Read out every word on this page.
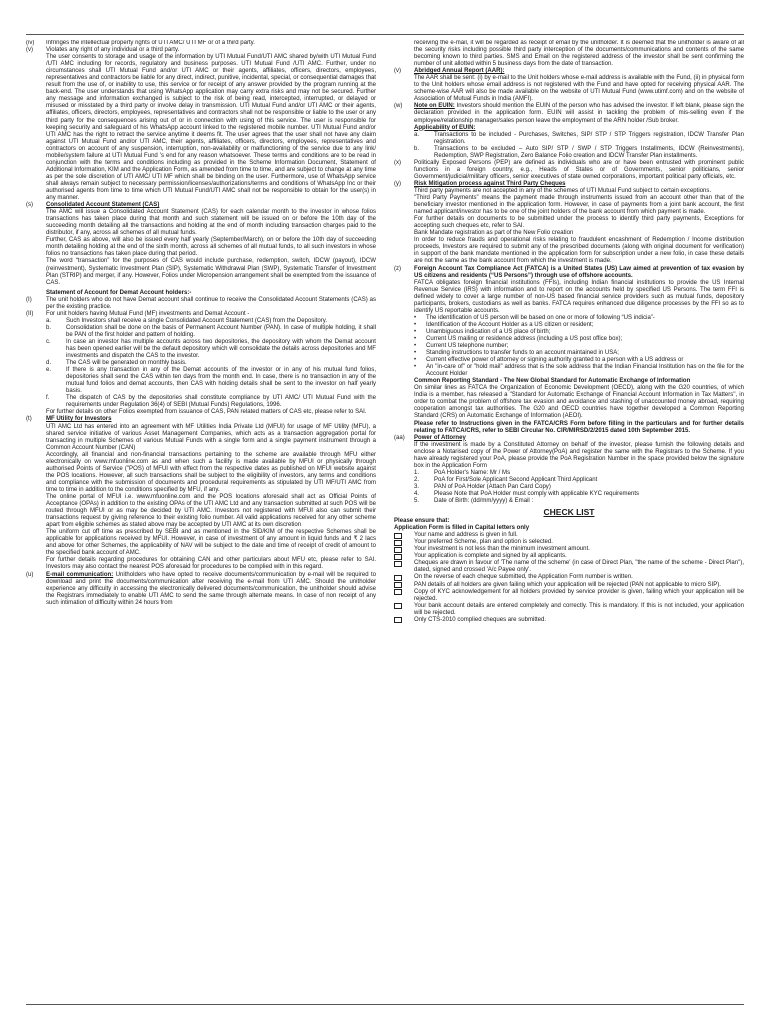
(iv)	Infringes the intellectual property rights of UTI AMC/ UTI MF or of a third party.
(v)	Violates any right of any individual or a third party.

The user consents to storage and usage of the information by UTI Mutual Fund/UTI AMC shared by/with UTI Mutual Fund /UTI AMC including for records, regulatory and business purposes. UTI Mutual Fund /UTI AMC. Further, under no circumstances shall UTI Mutual Fund and/or UTI AMC or their agents, affiliates, officers, directors, employees, representatives and contractors be liable for any direct, indirect, punitive, incidental, special, or consequential damages that result from the use of, or inability to use, this service or for receipt of any answer provided by the program running at the back-end. The user understands that using WhatsApp application may carry extra risks and may not be secured. Further any message and information exchanged is subject to the risk of being read, intercepted, interrupted, or delayed or misused or misstated by a third party or involve delay in transmission. UTI Mutual Fund and/or UTI AMC or their agents, affiliates, officers, directors, employees, representatives and contractors shall not be responsible or liable to the user or any third party for the consequences arising out of or in connection with using of this service. The user is responsible for keeping security and safeguard of his WhatsApp account linked to the registered mobile number. UTI Mutual Fund and/or UTI AMC has the right to retract the service anytime it deems fit. The user agrees that the user shall not have any claim against UTI Mutual Fund and/or UTI AMC, their agents, affiliates, officers, directors, employees, representatives and contractors on account of any suspension, interruption, non-availability or malfunctioning of the service due to any link/ mobile/system failure at UTI Mutual Fund 's end for any reason whatsoever. These terms and conditions are to be read in conjunction with the terms and conditions including as provided in the Scheme Information Document, Statement of Additional Information, KIM and the Application Form, as amended from time to time, and are subject to change at any time as per the sole discretion of UTI AMC/ UTI MF which shall be binding on the user. Furthermore, use of WhatsApp service shall always remain subject to necessary permission/licenses/authorizations/terms and conditions of WhatsApp Inc or their authorised agents from time to time which UTI Mutual Fund/UTI AMC shall not be responsible to obtain for the user(s) in any manner.

(s)	Consolidated Account Statement (CAS)

The AMC will issue a Consolidated Account Statement (CAS) for each calendar month to the investor in whose folios transactions has taken place during that month and such statement will be issued on or before the 10th day of the succeeding month detailing all the transactions and holding at the end of month including transaction charges paid to the distributor, if any, across all schemes of all mutual funds.

Further, CAS as above, will also be issued every half yearly (September/March), on or before the 10th day of succeeding month detailing holding at the end of the sixth month, across all schemes of all mutual funds, to all such investors in whose folios no transactions has taken place during that period.

The word “transaction” for the purposes of CAS would include purchase, redemption, switch, IDCW (payout), IDCW (reinvestment), Systematic Investment Plan (SIP), Systematic Withdrawal Plan (SWP), Systematic Transfer of Investment Plan (STRIP) and merger, if any. However, Folios under Micropension arrangement shall be exempted from the issuance of CAS.

Statement of Account for Demat Account holders:-
(I)	The unit holders who do not have Demat account shall continue to receive the Consolidated Account Statements (CAS) as per the existing practice.
(II)	For unit holders having Mutual Fund (MF) investments and Demat Account -
a.	Such Investors shall receive a single Consolidated Account Statement (CAS) from the Depository.
b.	Consolidation shall be done on the basis of Permanent Account Number (PAN). In case of multiple holding, it shall be PAN of the first holder and pattern of holding.
c.	In case an investor has multiple accounts across two depositories, the depository with whom the Demat account has been opened earlier will be the default depository which will consolidate the details across depositories and MF investments and dispatch the CAS to the investor.
d.	The CAS will be generated on monthly basis.
e.	If there is any transaction in any of the Demat accounts of the investor or in any of his mutual fund folios, depositories shall send the CAS within ten days from the month end. In case, there is no transaction in any of the mutual fund folios and demat accounts, then CAS with holding details shall be sent to the investor on half yearly basis.
f.	The dispatch of CAS by the depositories shall constitute compliance by UTI AMC/ UTI Mutual Fund with the requirements under Regulation 36(4) of SEBI (Mutual Funds) Regulations, 1996.

For further details on other Folios exempted from issuance of CAS, PAN related matters of CAS etc, please refer to SAI.

(t)	MF Utility for Investors

UTI AMC Ltd has entered into an agreement with MF Utilities India Private Ltd (MFUI) for usage of MF Utility (MFU), a shared service initiative of various Asset Management Companies, which acts as a transaction aggregation portal for transacting in multiple Schemes of various Mutual Funds with a single form and a single payment instrument through a Common Account Number (CAN)

Accordingly, all financial and non-financial transactions pertaining to the scheme are available through MFU either electronically on www.mfuonline.com as and when such a facility is made available by MFUI or physically through authorised Points of Service ("POS) of MFUI with effect from the respective dates as published on MFUI website against the POS locations. However, all such transactions shall be subject to the eligibility of investors, any terms and conditions and compliance with the submission of documents and procedural requirements as stipulated by UTI MF/UTI AMC from time to time in addition to the conditions specified by MFU, if any.

The online portal of MFUI i.e. www.mfuonline.com and the POS locations aforesaid shall act as Official Points of Acceptance (OPAs) in addition to the existing OPAs of the UTI AMC Ltd and any transaction submitted at such POS will be routed through MFUI or as may be decided by UTI AMC. Investors not registered with MFUI also can submit their transactions request by giving reference to their existing folio number. All valid applications received for any other scheme apart from eligible schemes as stated above may be accepted by UTI AMC at its own discretion

The uniform cut off time as prescribed by SEBI and as mentioned in the SID/KIM of the respective Schemes shall be applicable for applications received by MFUI. However, in case of investment of any amount in liquid funds and ₹ 2 lacs and above for other Schemes, the applicability of NAV will be subject to the date and time of receipt of credit of amount to the specified bank account of AMC.

For further details regarding procedures for obtaining CAN and other particulars about MFU etc, please refer to SAI. Investors may also contact the nearest POS aforesaid for procedures to be complied with in this regard.

(u)	E-mail communication: Unitholders who have opted to receive documents/communication by e-mail will be required to download and print the documents/communication after receiving the e-mail from UTI AMC. Should the unitholder experience any difficulty in accessing the electronically delivered documents/communication, the unitholder should advise the Registrars immediately to enable UTI AMC to send the same through alternate means. In case of non receipt of any such intimation of difficulty within 24 hours from

receiving the e-mail, it will be regarded as receipt of email by the unitholder. It is deemed that the unitholder is aware of all the security risks including possible third party interception of the documents/communications and contents of the same becoming known to third parties. SMS and Email on the registered address of the investor shall be sent confirming the number of unit allotted within 5 business days from the date of transaction.

(v)	Abridged Annual Report (AAR):

The AAR shall be sent: (i) by e-mail to the Unit holders whose e-mail address is available with the Fund, (ii) in physical form to the Unit holders whose email address is not registered with the Fund and have opted for receiving physical AAR. The scheme-wise AAR will also be made available on the website of UTI Mutual Fund (www.utimf.com) and on the website of Association of Mutual Funds in India (AMFI).

(w)	Note on EUIN: Investors should mention the EUIN of the person who has advised the investor. If left blank, please sign the declaration provided in the application form. EUIN will assist in tackling the problem of mis-selling even if the employee/relationship manager/sales person leave the employment of the ARN holder /Sub broker.

Applicability of EUIN:
a.	Transactions to be included - Purchases, Switches, SIP/ STP / STP Triggers registration, IDCW Transfer Plan registration.
b.	Transactions to be excluded – Auto SIP/ STP / SWP / STP Triggers Installments, IDCW (Reinvestments), Redemption, SWP Registration, Zero Balance Folio creation and IDCW Transfer Plan installments.
(x)	Politically Exposed Persons (PEP) are defined as individuals who are or have been entrusted with prominent public functions in a foreign country, e.g., Heads of States or of Governments, senior politicians, senior Government/judicial/military officers, senior executives of state owned corporations, important political party officials, etc.
(y)	Risk Mitigation process against Third Party Cheques

Third party payments are not accepted in any of the schemes of UTI Mutual Fund subject to certain exceptions.

"Third Party Payments" means the payment made through instruments issued from an account other than that of the beneficiary investor mentioned in the application form. However, in case of payments from a joint bank account, the first named applicant/investor has to be one of the joint holders of the bank account from which payment is made.

For further details on documents to be submitted under the process to identify third party payments, Exceptions for accepting such cheques etc, refer to SAI.

Bank Mandate registration as part of the New Folio creation

In order to reduce frauds and operational risks relating to fraudulent encashment of Redemption / Income distribution proceeds, Investors are required to submit any of the prescribed documents (along with original document for verification) in support of the bank mandate mentioned in the application form for subscription under a new folio, in case these details are not the same as the bank account from which the investment is made.

(z)	Foreign Account Tax Compliance Act (FATCA) is a United States (US) Law aimed at prevention of tax evasion by US citizens and residents (“US Persons”) through use of offshore accounts.

FATCA obligates foreign financial institutions (FFIs), including Indian financial institutions to provide the US Internal Revenue Service (IRS) with information and to report on the accounts held by specified US Persons. The term FFI is defined widely to cover a large number of non-US based financial service providers such as mutual funds, depository participants, brokers, custodians as well as banks. FATCA requires enhanced due diligence processes by the FFI so as to identify US reportable accounts.

•	The identification of US person will be based on one or more of following “US indicia”-
•	Identification of the Account Holder as a US citizen or resident;
•	Unambiguous indication of a US place of birth;
•	Current US mailing or residence address (including a US post office box);
•	Current US telephone number;
•	Standing instructions to transfer funds to an account maintained in USA;
•	Current effective power of attorney or signing authority granted to a person with a US address or
•	An "in-care of" or "hold mail" address that is the sole address that the Indian Financial Institution has on the file for the Account Holder
Common Reporting Standard - The New Global Standard for Automatic Exchange of Information

On similar lines as FATCA the Organization of Economic Development (OECD), along with the G20 countries, of which India is a member, has released a "Standard for Automatic Exchange of Financial Account Information in Tax Matters", in order to combat the problem of offshore tax evasion and avoidance and stashing of unaccounted money abroad, requiring cooperation amongst tax authorities. The G20 and OECD countries have together developed a Common Reporting Standard (CRS) on Automatic Exchange of Information (AEOI).

Please refer to Instructions given in the FATCA/CRS Form before filling in the particulars and for further details relating to FATCA/CRS, refer to SEBI Circular No. CIR/MIRSD/2/2015 dated 10th September 2015.

(aa)	Power of Attorney

If the investment is made by a Constituted Attorney on behalf of the investor, please furnish the following details and enclose a Notarised copy of the Power of Attorney(PoA) and register the same with the Registrars to the Scheme. If you have already registered your PoA, please provide the PoA Registration Number in the space provided below the signature box in the Application Form

1.	PoA Holder's Name: Mr / Ms
2.	PoA for First/Sole Applicant Second Applicant Third Applicant
3.	PAN of PoA Holder (Attach Pan Card Copy)
4.	Please Note that PoA Holder must comply with applicable KYC requirements
5.	Date of Birth: (dd/mm/yyyy) & Email :
CHECK LIST
Please ensure that:
Application Form is filled in Capital letters only
Your name and address is given in full.
Your preferred Scheme, plan and option is selected.
Your investment is not less than the minimum investment amount.
Your application is complete and signed by all applicants.
Cheques are drawn in favour of 'The name of the scheme' (in case of Direct Plan, "the name of the scheme - Direct Plan"), dated, signed and crossed 'A/c Payee only'.
On the reverse of each cheque submitted, the Application Form number is written.
PAN details of all holders are given failing which your application will be rejected (PAN not applicable to micro SIP).
Copy of KYC acknowledgement for all holders provided by service provider is given, failing which your application will be rejected.
Your bank account details are entered completely and correctly. This is mandatory. If this is not included, your application will be rejected.
Only CTS-2010 complied cheques are submitted.
